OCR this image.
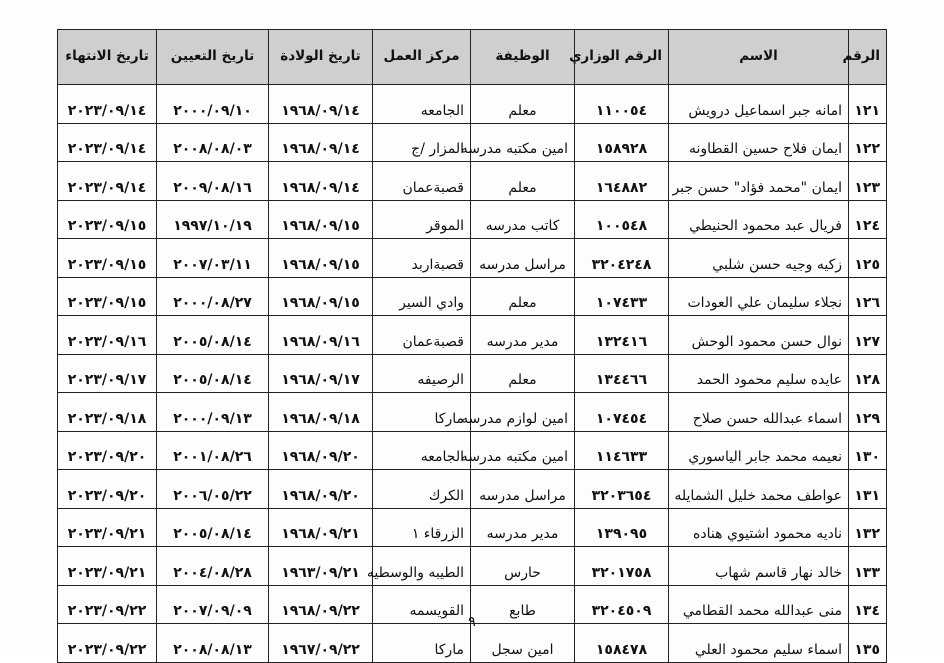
الرقم	الاسم	الرقم الوزاري	الوظيفة	مركز العمل	تاريخ الولادة	تاريخ التعيين	تاريخ الانتهاء
١٢١	امانه جبر اسماعيل درويش	١١٠٠٥٤	معلم	الجامعه	١٩٦٨/٠٩/١٤	٢٠٠٠/٠٩/١٠	٢٠٢٣/٠٩/١٤
١٢٢	ايمان فلاح حسين القطاونه	١٥٨٩٢٨	امين مكتبه مدرسه	المزار /ج	١٩٦٨/٠٩/١٤	٢٠٠٨/٠٨/٠٣	٢٠٢٣/٠٩/١٤
١٢٣	ايمان "محمد فؤاد" حسن جبر	١٦٤٨٨٢	معلم	قصبةعمان	١٩٦٨/٠٩/١٤	٢٠٠٩/٠٨/١٦	٢٠٢٣/٠٩/١٤
١٢٤	فريال عبد محمود الحنيطي	١٠٠٥٤٨	كاتب مدرسه	الموقر	١٩٦٨/٠٩/١٥	١٩٩٧/١٠/١٩	٢٠٢٣/٠٩/١٥
١٢٥	زكيه وجيه حسن شلبي	٣٢٠٤٢٤٨	مراسل مدرسه	قصبةاربد	١٩٦٨/٠٩/١٥	٢٠٠٧/٠٣/١١	٢٠٢٣/٠٩/١٥
١٢٦	نجلاء سليمان علي العودات	١٠٧٤٣٣	معلم	وادي السير	١٩٦٨/٠٩/١٥	٢٠٠٠/٠٨/٢٧	٢٠٢٣/٠٩/١٥
١٢٧	نوال حسن محمود الوحش	١٣٢٤١٦	مدير مدرسه	قصبةعمان	١٩٦٨/٠٩/١٦	٢٠٠٥/٠٨/١٤	٢٠٢٣/٠٩/١٦
١٢٨	عايده سليم محمود الحمد	١٣٤٤٦٦	معلم	الرصيفه	١٩٦٨/٠٩/١٧	٢٠٠٥/٠٨/١٤	٢٠٢٣/٠٩/١٧
١٢٩	اسماء عبدالله حسن صلاح	١٠٧٤٥٤	امين لوازم مدرسه	ماركا	١٩٦٨/٠٩/١٨	٢٠٠٠/٠٩/١٣	٢٠٢٣/٠٩/١٨
١٣٠	نعيمه محمد جابر الياسوري	١١٤٦٣٣	امين مكتبه مدرسه	الجامعه	١٩٦٨/٠٩/٢٠	٢٠٠١/٠٨/٢٦	٢٠٢٣/٠٩/٢٠
١٣١	عواطف محمد خليل الشمايله	٣٢٠٣٦٥٤	مراسل مدرسه	الكرك	١٩٦٨/٠٩/٢٠	٢٠٠٦/٠٥/٢٢	٢٠٢٣/٠٩/٢٠
١٣٢	ناديه محمود اشتيوي هناده	١٣٩٠٩٥	مدير مدرسه	الزرقاء ١	١٩٦٨/٠٩/٢١	٢٠٠٥/٠٨/١٤	٢٠٢٣/٠٩/٢١
١٣٣	خالد نهار قاسم شهاب	٣٢٠١٧٥٨	حارس	الطيبه والوسطيه	١٩٦٣/٠٩/٢١	٢٠٠٤/٠٨/٢٨	٢٠٢٣/٠٩/٢١
١٣٤	منى عبدالله محمد القطامي	٣٢٠٤٥٠٩	طابع	القويسمه	١٩٦٨/٠٩/٢٢	٢٠٠٧/٠٩/٠٩	٢٠٢٣/٠٩/٢٢
١٣٥	اسماء سليم محمود العلي	١٥٨٤٧٨	امين سجل	ماركا	١٩٦٧/٠٩/٢٢	٢٠٠٨/٠٨/١٣	٢٠٢٣/٠٩/٢٢
٩
